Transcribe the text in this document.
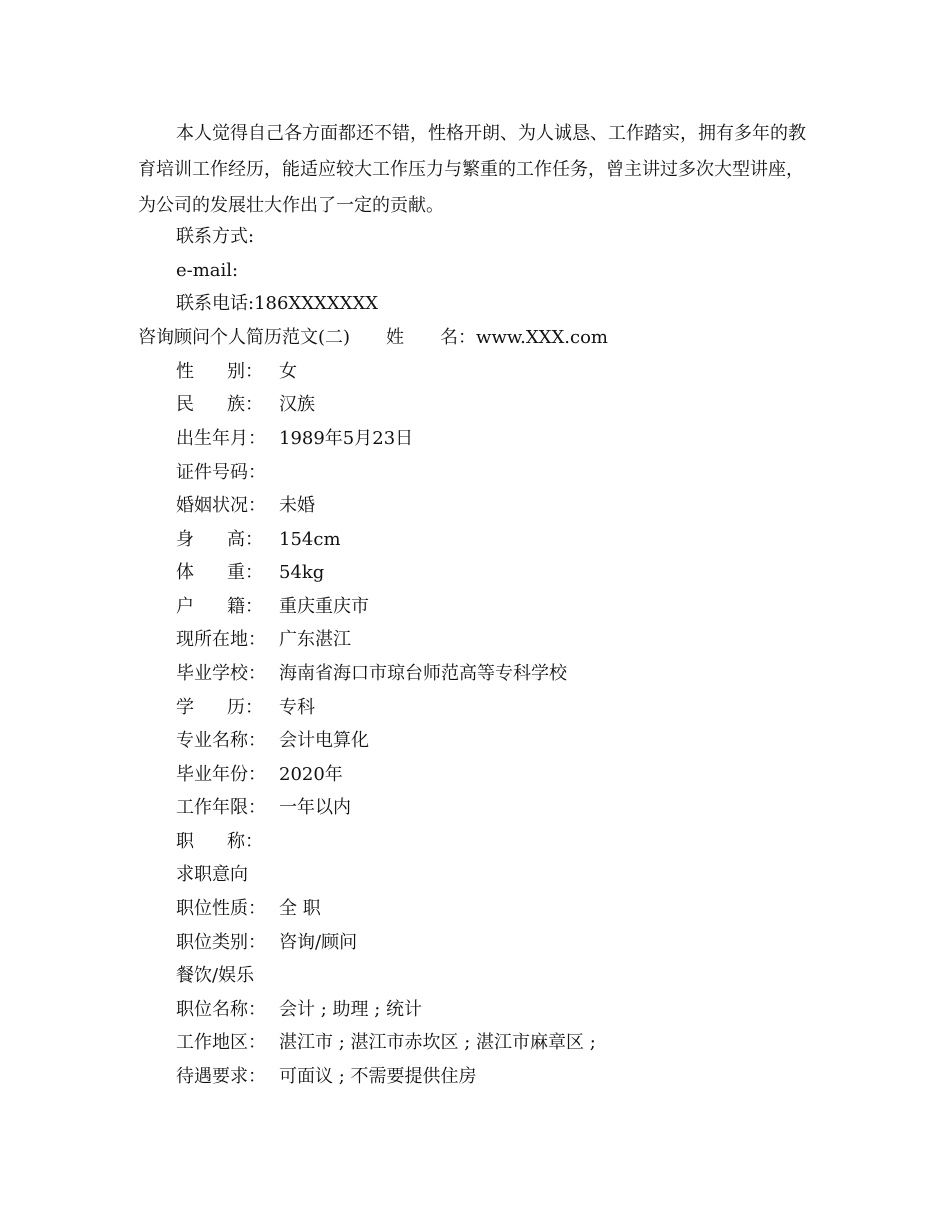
本人觉得自己各方面都还不错，性格开朗、为人诚恳、工作踏实，拥有多年的教育培训工作经历，能适应较大工作压力与繁重的工作任务，曾主讲过多次大型讲座，为公司的发展壮大作出了一定的贡献。

联系方式:
e-mail:
联系电话:186XXXXXXX
咨询顾问个人简历范文(二)　　姓　　名：www.XXX.com
性 别： 女
民 族： 汉族
出生年月： 1989年5月23日
证件号码：
婚姻状况： 未婚
身 高： 154cm
体 重： 54kg
户 籍： 重庆重庆市
现所在地： 广东湛江
毕业学校： 海南省海口市琼台师范高等专科学校
学 历： 专科
专业名称： 会计电算化
毕业年份： 2020年
工作年限： 一年以内
职 称：
求职意向
职位性质： 全 职
职位类别： 咨询/顾问
餐饮/娱乐
职位名称： 会计 ; 助理 ; 统计
工作地区： 湛江市 ; 湛江市赤坎区 ; 湛江市麻章区 ;
待遇要求： 可面议 ; 不需要提供住房
